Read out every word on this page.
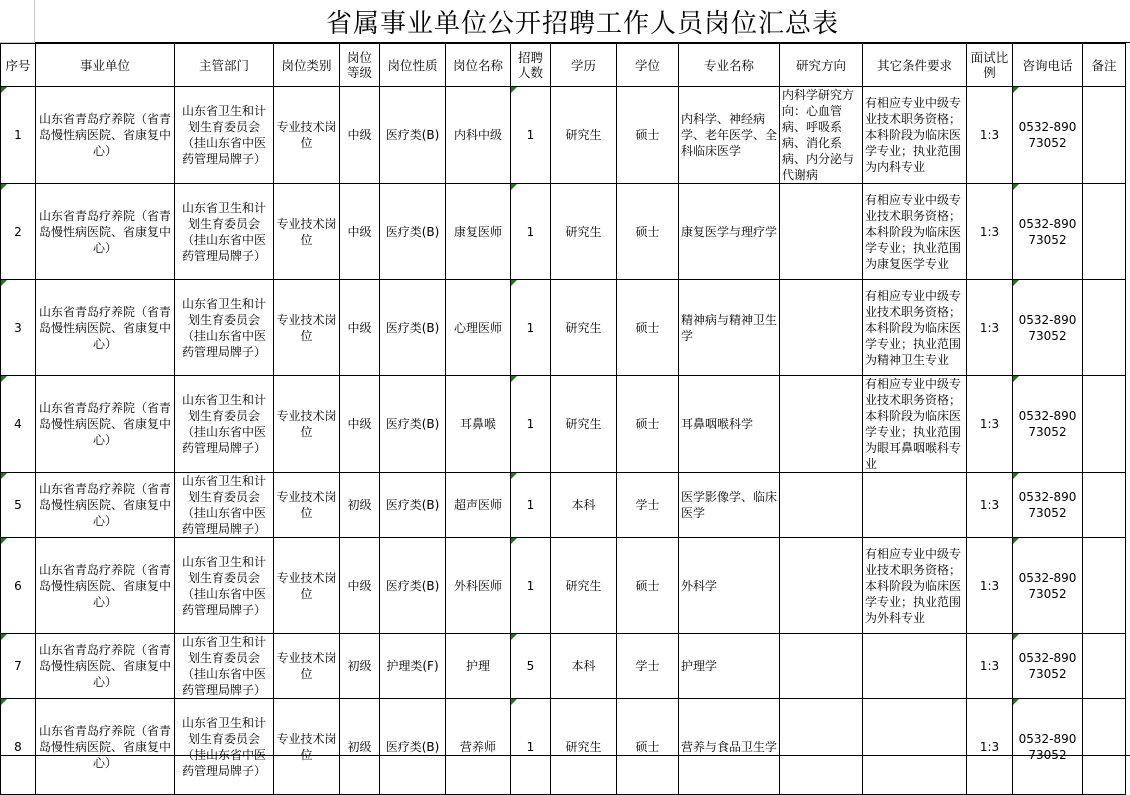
省属事业单位公开招聘工作人员岗位汇总表
序号	事业单位	主管部门	岗位类别	岗位等级	岗位性质	岗位名称	招聘人数	学历	学位	专业名称	研究方向	其它条件要求	面试比例	咨询电话	备注
1	山东省青岛疗养院（省青岛慢性病医院、省康复中心）	山东省卫生和计划生育委员会（挂山东省中医药管理局牌子）	专业技术岗位	中级	医疗类(B)	内科中级	1	研究生	硕士	内科学、神经病学、老年医学、全科临床医学	内科学研究方向：心血管病、呼吸系病、消化系病、内分泌与代谢病	有相应专业中级专业技术职务资格；本科阶段为临床医学专业；执业范围为内科专业	1:3	0532-89073052	
2	山东省青岛疗养院（省青岛慢性病医院、省康复中心）	山东省卫生和计划生育委员会（挂山东省中医药管理局牌子）	专业技术岗位	中级	医疗类(B)	康复医师	1	研究生	硕士	康复医学与理疗学		有相应专业中级专业技术职务资格；本科阶段为临床医学专业；执业范围为康复医学专业	1:3	0532-89073052	
3	山东省青岛疗养院（省青岛慢性病医院、省康复中心）	山东省卫生和计划生育委员会（挂山东省中医药管理局牌子）	专业技术岗位	中级	医疗类(B)	心理医师	1	研究生	硕士	精神病与精神卫生学		有相应专业中级专业技术职务资格；本科阶段为临床医学专业；执业范围为精神卫生专业	1:3	0532-89073052	
4	山东省青岛疗养院（省青岛慢性病医院、省康复中心）	山东省卫生和计划生育委员会（挂山东省中医药管理局牌子）	专业技术岗位	中级	医疗类(B)	耳鼻喉	1	研究生	硕士	耳鼻咽喉科学		有相应专业中级专业技术职务资格；本科阶段为临床医学专业；执业范围为眼耳鼻咽喉科专业	1:3	0532-89073052	
5	山东省青岛疗养院（省青岛慢性病医院、省康复中心）	山东省卫生和计划生育委员会（挂山东省中医药管理局牌子）	专业技术岗位	初级	医疗类(B)	超声医师	1	本科	学士	医学影像学、临床医学			1:3	0532-89073052	
6	山东省青岛疗养院（省青岛慢性病医院、省康复中心）	山东省卫生和计划生育委员会（挂山东省中医药管理局牌子）	专业技术岗位	中级	医疗类(B)	外科医师	1	研究生	硕士	外科学		有相应专业中级专业技术职务资格；本科阶段为临床医学专业；执业范围为外科专业	1:3	0532-89073052	
7	山东省青岛疗养院（省青岛慢性病医院、省康复中心）	山东省卫生和计划生育委员会（挂山东省中医药管理局牌子）	专业技术岗位	初级	护理类(F)	护理	5	本科	学士	护理学			1:3	0532-89073052	
8	山东省青岛疗养院（省青岛慢性病医院、省康复中心）	山东省卫生和计划生育委员会（挂山东省中医药管理局牌子）	专业技术岗位	初级	医疗类(B)	营养师	1	研究生	硕士	营养与食品卫生学			1:3	0532-89073052	
